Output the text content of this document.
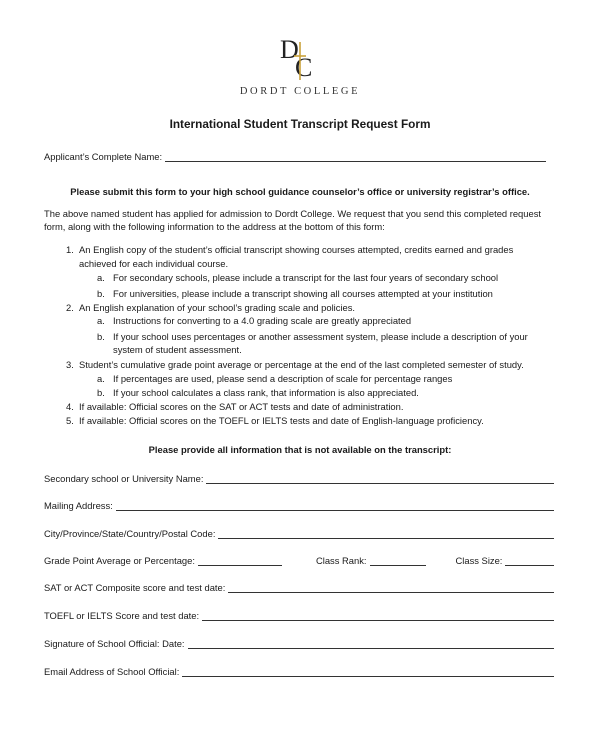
D
C
DORDT COLLEGE
International Student Transcript Request Form
Applicant’s Complete Name:
Please submit this form to your high school guidance counselor’s office or university registrar’s office.
The above named student has applied for admission to Dordt College. We request that you send this completed request
form, along with the following information to the address at the bottom of this form:
1. An English copy of the student’s official transcript showing courses attempted, credits earned and grades
achieved for each individual course.
a. For secondary schools, please include a transcript for the last four years of secondary school
b. For universities, please include a transcript showing all courses attempted at your institution
2. An English explanation of your school’s grading scale and policies.
a. Instructions for converting to a 4.0 grading scale are greatly appreciated
b. If your school uses percentages or another assessment system, please include a description of your
system of student assessment.
3. Student’s cumulative grade point average or percentage at the end of the last completed semester of study.
a. If percentages are used, please send a description of scale for percentage ranges
b. If your school calculates a class rank, that information is also appreciated.
4. If available: Official scores on the SAT or ACT tests and date of administration.
5. If available: Official scores on the TOEFL or IELTS tests and date of English-language proficiency.
Please provide all information that is not available on the transcript:
Secondary school or University Name:
Mailing Address:
City/Province/State/Country/Postal Code:
Grade Point Average or Percentage:	Class Rank:	Class Size:
SAT or ACT Composite score and test date:
TOEFL or IELTS Score and test date:
Signature of School Official: Date:
Email Address of School Official:
